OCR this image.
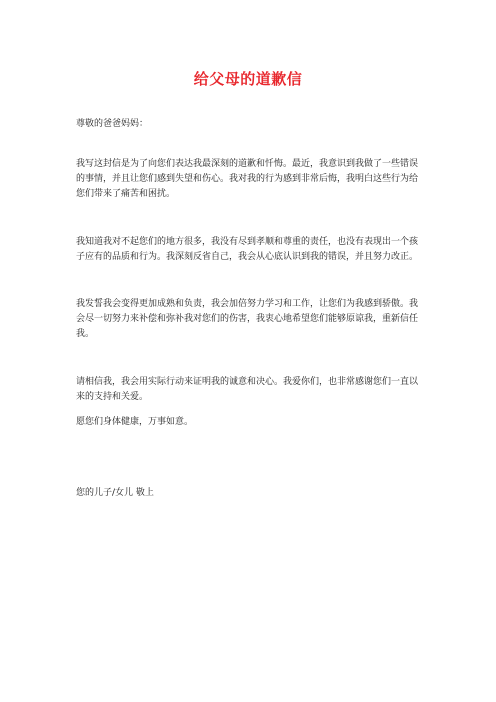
给父母的道歉信

尊敬的爸爸妈妈：

我写这封信是为了向您们表达我最深刻的道歉和忏悔。最近，我意识到我做了一些错误的事情，并且让您们感到失望和伤心。我对我的行为感到非常后悔，我明白这些行为给您们带来了痛苦和困扰。

我知道我对不起您们的地方很多，我没有尽到孝顺和尊重的责任，也没有表现出一个孩子应有的品质和行为。我深刻反省自己，我会从心底认识到我的错误，并且努力改正。

我发誓我会变得更加成熟和负责，我会加倍努力学习和工作，让您们为我感到骄傲。我会尽一切努力来补偿和弥补我对您们的伤害，我衷心地希望您们能够原谅我，重新信任我。

请相信我，我会用实际行动来证明我的诚意和决心。我爱你们，也非常感谢您们一直以来的支持和关爱。

愿您们身体健康，万事如意。

您的儿子/女儿 敬上
